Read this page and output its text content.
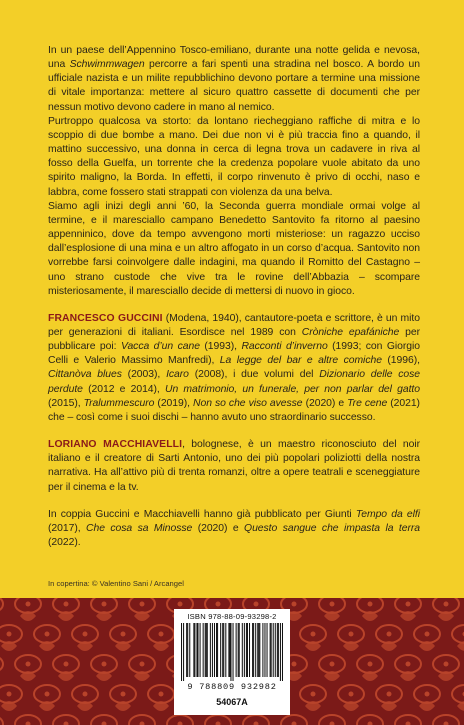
In un paese dell’Appennino Tosco-emiliano, durante una notte gelida e nevosa, una Schwimmwagen percorre a fari spenti una stradina nel bosco. A bordo un ufficiale nazista e un milite repubblichino devono portare a termine una missione di vitale importanza: mettere al sicuro quattro cassette di documenti che per nessun motivo devono cadere in mano al nemico.

Purtroppo qualcosa va storto: da lontano riecheggiano raffiche di mitra e lo scoppio di due bombe a mano. Dei due non vi è più traccia fino a quando, il mattino successivo, una donna in cerca di legna trova un cadavere in riva al fosso della Guelfa, un torrente che la credenza popolare vuole abitato da uno spirito maligno, la Borda. In effetti, il corpo rinvenuto è privo di occhi, naso e labbra, come fossero stati strappati con violenza da una belva.

Siamo agli inizi degli anni ’60, la Seconda guerra mondiale ormai volge al termine, e il maresciallo campano Benedetto Santovito fa ritorno al paesino appenninico, dove da tempo avvengono morti misteriose: un ragazzo ucciso dall’esplosione di una mina e un altro affogato in un corso d’acqua. Santovito non vorrebbe farsi coinvolgere dalle indagini, ma quando il Romitto del Castagno – uno strano custode che vive tra le rovine dell’Abbazia – scompare misteriosamente, il maresciallo decide di mettersi di nuovo in gioco.

FRANCESCO GUCCINI (Modena, 1940), cantautore-poeta e scrittore, è un mito per generazioni di italiani. Esordisce nel 1989 con Cròniche epafániche per pubblicare poi: Vacca d’un cane (1993), Racconti d’inverno (1993; con Giorgio Celli e Valerio Massimo Manfredi), La legge del bar e altre comiche (1996), Cittanòva blues (2003), Icaro (2008), i due volumi del Dizionario delle cose perdute (2012 e 2014), Un matrimonio, un funerale, per non parlar del gatto (2015), Tralummescuro (2019), Non so che viso avesse (2020) e Tre cene (2021) che – così come i suoi dischi – hanno avuto uno straordinario successo.

LORIANO MACCHIAVELLI, bolognese, è un maestro riconosciuto del noir italiano e il creatore di Sarti Antonio, uno dei più popolari poliziotti della nostra narrativa. Ha all’attivo più di trenta romanzi, oltre a opere teatrali e sceneggiature per il cinema e la tv.

In coppia Guccini e Macchiavelli hanno già pubblicato per Giunti Tempo da elfi (2017), Che cosa sa Minosse (2020) e Questo sangue che impasta la terra (2022).

In copertina: © Valentino Sani / Arcangel
ISBN 978-88-09-93298-2
9 788809 932982
54067A
